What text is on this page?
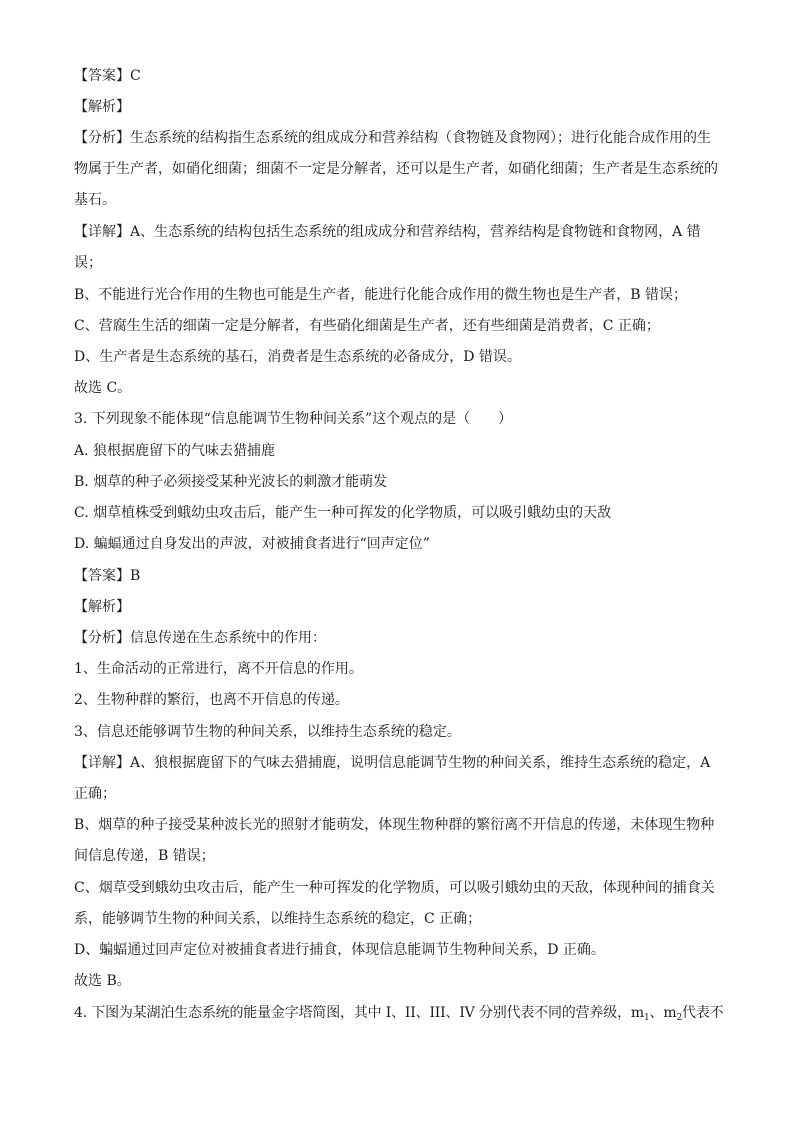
【答案】C
【解析】
【分析】生态系统的结构指生态系统的组成成分和营养结构（食物链及食物网）；进行化能合成作用的生
物属于生产者，如硝化细菌；细菌不一定是分解者，还可以是生产者，如硝化细菌；生产者是生态系统的
基石。
【详解】A、生态系统的结构包括生态系统的组成成分和营养结构，营养结构是食物链和食物网，A 错
误；
B、不能进行光合作用的生物也可能是生产者，能进行化能合成作用的微生物也是生产者，B 错误；
C、营腐生生活的细菌一定是分解者，有些硝化细菌是生产者，还有些细菌是消费者，C 正确；
D、生产者是生态系统的基石，消费者是生态系统的必备成分，D 错误。
故选 C。
3. 下列现象不能体现“信息能调节生物种间关系”这个观点的是（　　）
A. 狼根据鹿留下的气味去猎捕鹿
B. 烟草的种子必须接受某种光波长的刺激才能萌发
C. 烟草植株受到蛾幼虫攻击后，能产生一种可挥发的化学物质，可以吸引蛾幼虫的天敌
D. 蝙蝠通过自身发出的声波，对被捕食者进行“回声定位”
【答案】B
【解析】
【分析】信息传递在生态系统中的作用：
1、生命活动的正常进行，离不开信息的作用。
2、生物种群的繁衍，也离不开信息的传递。
3、信息还能够调节生物的种间关系，以维持生态系统的稳定。
【详解】A、狼根据鹿留下的气味去猎捕鹿，说明信息能调节生物的种间关系，维持生态系统的稳定，A
正确；
B、烟草的种子接受某种波长光的照射才能萌发，体现生物种群的繁衍离不开信息的传递，未体现生物种
间信息传递，B 错误；
C、烟草受到蛾幼虫攻击后，能产生一种可挥发的化学物质，可以吸引蛾幼虫的天敌，体现种间的捕食关
系，能够调节生物的种间关系，以维持生态系统的稳定，C 正确；
D、蝙蝠通过回声定位对被捕食者进行捕食，体现信息能调节生物种间关系，D 正确。
故选 B。
4. 下图为某湖泊生态系统的能量金字塔简图，其中 I、II、III、IV 分别代表不同的营养级，$m_1$、$m_2$代表不
